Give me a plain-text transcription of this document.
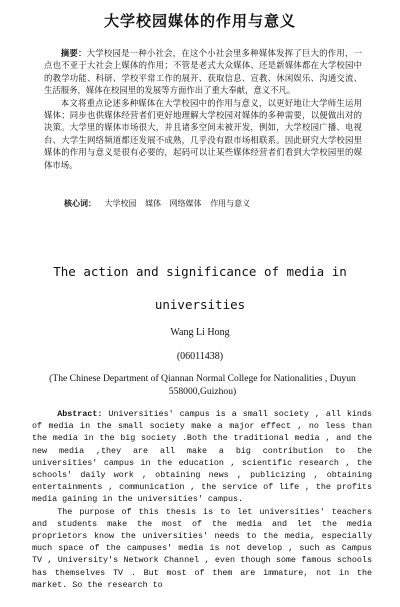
大学校园媒体的作用与意义

摘要：大学校园是一种小社会，在这个小社会里多种媒体发挥了巨大的作用，一点也不亚于大社会上媒体的作用；不管是老式大众媒体、还是新媒体都在大学校园中的教学功能、科研、学校平常工作的展开、获取信息、宣教、休闲娱乐、沟通交流、生活服务，媒体在校园里的发展等方面作出了重大奉献，意义不凡。

本文将重点论述多种媒体在大学校园中的作用与意义，以更好地让大学师生运用媒体；同步也供媒体经营者们更好地理解大学校园对媒体的多种需要，以便做出对的决策。大学里的媒体市场很大，并且诸多空间未被开发，例如，大学校园广播、电视台、大学生网络频道都还发展不成熟，几乎没有跟市场相联系。因此研究大学校园里媒体的作用与意义是很有必要的，起码可以让某些媒体经营者们看到大学校园里的媒体市场。

核心词： 大学校园 媒体 网络媒体 作用与意义
The action and significance of media in
universities
Wang Li Hong
(06011438)
(The Chinese Department of Qiannan Normal College for Nationalities , Duyun
558000,Guizhou)

Abstract: Universities' campus is a small society , all kinds of media in the small society make a major effect , no less than the media in the big society .Both the traditional media , and the new media ,they are all make a big contribution to the universities' campus in the education , scientific research , the schools' daily work , obtaining news , publicizing , obtaining entertainments , communication , the service of life , the profits media gaining in the universities' campus.

The purpose of this thesis is to let universities' teachers and students make the most of the media and let the media proprietors know the universities' needs to the media, especially much space of the campuses' media is not develop , such as Campus TV , University's Network Channel , even though some famous schools has themselves TV . But most of them are immature, not in the market. So the research to
